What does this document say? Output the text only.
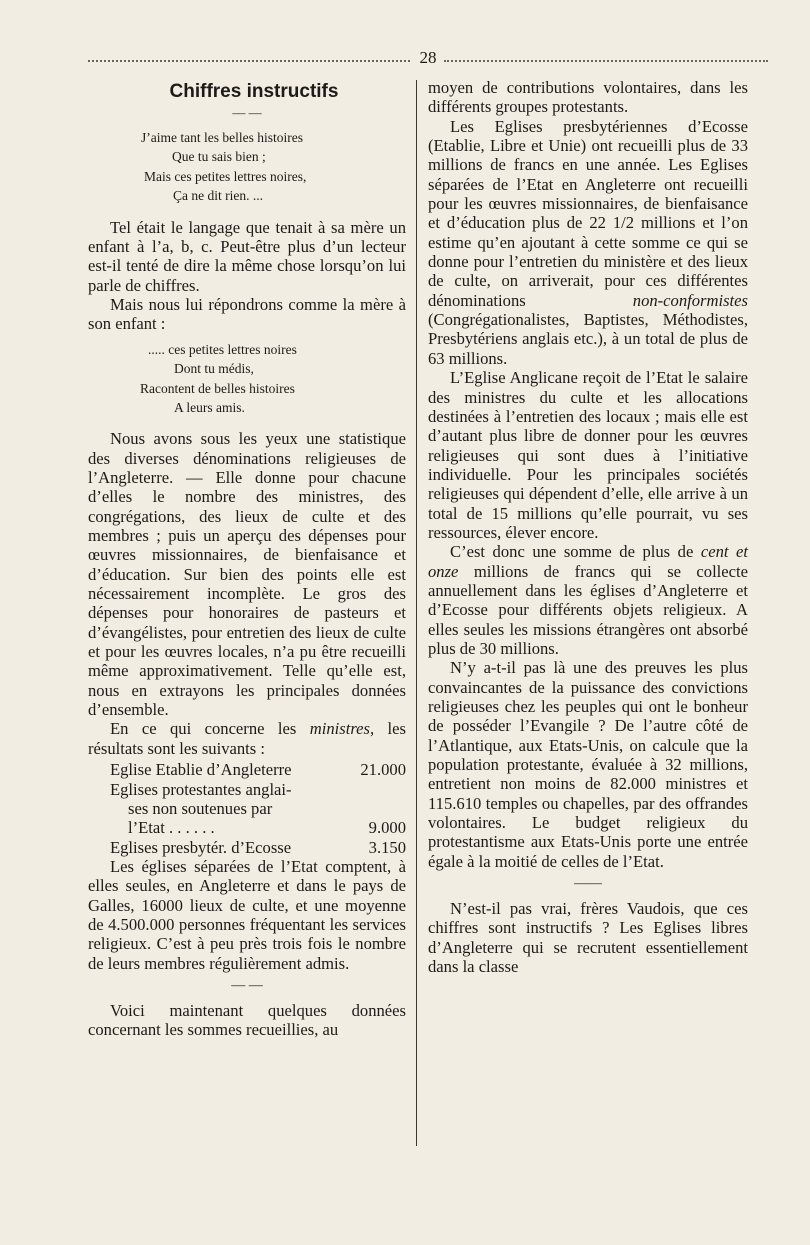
28
Chiffres instructifs
— —
J’aime tant les belles histoires
Que tu sais bien ;
Mais ces petites lettres noires,
Ça ne dit rien. ...

Tel était le langage que tenait à sa mère un enfant à l’a, b, c. Peut-être plus d’un lecteur est-il tenté de dire la même chose lorsqu’on lui parle de chiffres.

Mais nous lui répondrons comme la mère à son enfant :

..... ces petites lettres noires
Dont tu médis,
Racontent de belles histoires
A leurs amis.

Nous avons sous les yeux une statistique des diverses dénominations religieuses de l’Angleterre. — Elle donne pour chacune d’elles le nombre des ministres, des congrégations, des lieux de culte et des membres ; puis un aperçu des dépenses pour œuvres missionnaires, de bienfaisance et d’éducation. Sur bien des points elle est nécessairement incomplète. Le gros des dépenses pour honoraires de pasteurs et d’évangélistes, pour entretien des lieux de culte et pour les œuvres locales, n’a pu être recueilli même approximativement. Telle qu’elle est, nous en extrayons les principales données d’ensemble.

En ce qui concerne les ministres, les résultats sont les suivants :

Eglise Etablie d’Angleterre	21.000
Eglises protestantes anglai-
ses non soutenues par
l’Etat . . . . . .	9.000
Eglises presbytér. d’Ecosse	3.150

Les églises séparées de l’Etat comptent, à elles seules, en Angleterre et dans le pays de Galles, 16000 lieux de culte, et une moyenne de 4.500.000 personnes fréquentant les services religieux. C’est à peu près trois fois le nombre de leurs membres régulièrement admis.

— —

Voici maintenant quelques données concernant les sommes recueillies, au

moyen de contributions volontaires, dans les différents groupes protestants.

Les Eglises presbytériennes d’Ecosse (Etablie, Libre et Unie) ont recueilli plus de 33 millions de francs en une année. Les Eglises séparées de l’Etat en Angleterre ont recueilli pour les œuvres missionnaires, de bienfaisance et d’éducation plus de 22 1/2 millions et l’on estime qu’en ajoutant à cette somme ce qui se donne pour l’entretien du ministère et des lieux de culte, on arriverait, pour ces différentes dénominations non-conformistes (Congrégationalistes, Baptistes, Méthodistes, Presbytériens anglais etc.), à un total de plus de 63 millions.

L’Eglise Anglicane reçoit de l’Etat le salaire des ministres du culte et les allocations destinées à l’entretien des locaux ; mais elle est d’autant plus libre de donner pour les œuvres religieuses qui sont dues à l’initiative individuelle. Pour les principales sociétés religieuses qui dépendent d’elle, elle arrive à un total de 15 millions qu’elle pourrait, vu ses ressources, élever encore.

C’est donc une somme de plus de cent et onze millions de francs qui se collecte annuellement dans les églises d’Angleterre et d’Ecosse pour différents objets religieux. A elles seules les missions étrangères ont absorbé plus de 30 millions.

N’y a-t-il pas là une des preuves les plus convaincantes de la puissance des convictions religieuses chez les peuples qui ont le bonheur de posséder l’Evangile ? De l’autre côté de l’Atlantique, aux Etats-Unis, on calcule que la population protestante, évaluée à 32 millions, entretient non moins de 82.000 ministres et 115.610 temples ou chapelles, par des offrandes volontaires. Le budget religieux du protestantisme aux Etats-Unis porte une entrée égale à la moitié de celles de l’Etat.

——

N’est-il pas vrai, frères Vaudois, que ces chiffres sont instructifs ? Les Eglises libres d’Angleterre qui se recrutent essentiellement dans la classe
